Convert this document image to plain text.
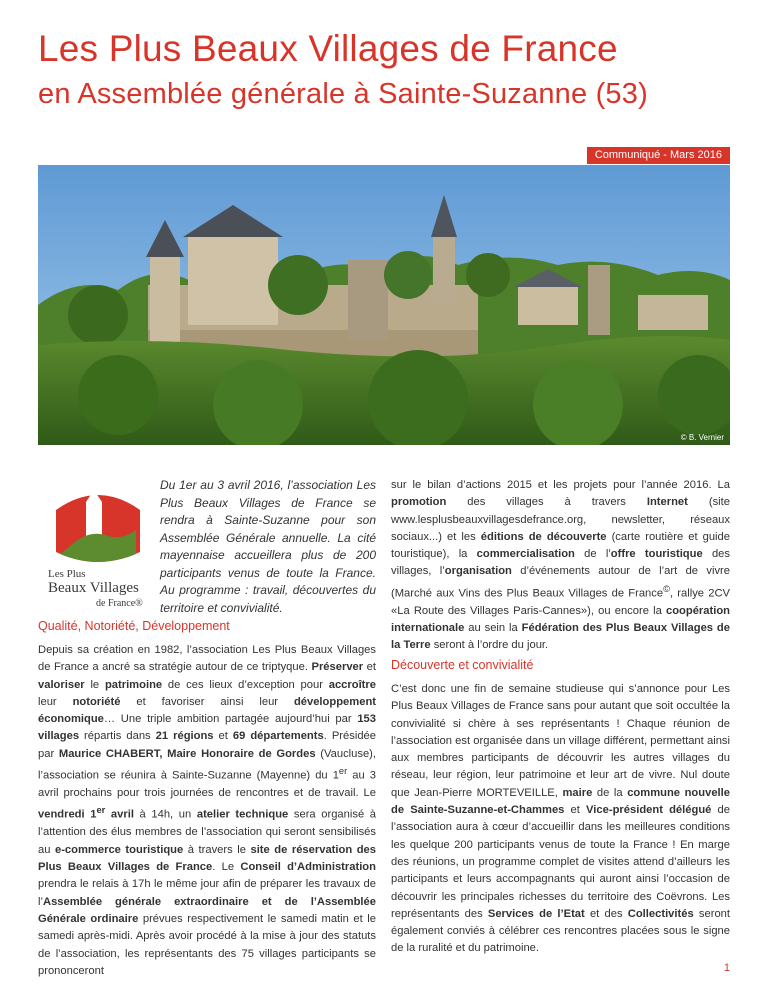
Les Plus Beaux Villages de France
en Assemblée générale à Sainte-Suzanne (53)
Communiqué - Mars 2016
© B. Vernier
Les Plus
Beaux Villages
de France®
Du 1er au 3 avril 2016, l’association Les Plus Beaux Villages de France se rendra à Sainte-Suzanne pour son Assemblée Générale annuelle. La cité mayennaise accueillera plus de 200 participants venus de toute la France. Au programme : travail, découvertes du territoire et convivialité.
Qualité, Notoriété, Développement
Depuis sa création en 1982, l’association Les Plus Beaux Villages de France a ancré sa stratégie autour de ce triptyque. Préserver et valoriser le patrimoine de ces lieux d’exception pour accroître leur notoriété et favoriser ainsi leur développement économique… Une triple ambition partagée aujourd’hui par 153 villages répartis dans 21 régions et 69 départements. Présidée par Maurice CHABERT, Maire Honoraire de Gordes (Vaucluse), l’association se réunira à Sainte-Suzanne (Mayenne) du 1er au 3 avril prochains pour trois journées de rencontres et de travail. Le vendredi 1er avril à 14h, un atelier technique sera organisé à l’attention des élus membres de l’association qui seront sensibilisés au e-commerce touristique à travers le site de réservation des Plus Beaux Villages de France. Le Conseil d’Administration prendra le relais à 17h le même jour afin de préparer les travaux de l’Assemblée générale extraordinaire et de l’Assemblée Générale ordinaire prévues respectivement le samedi matin et le samedi après-midi. Après avoir procédé à la mise à jour des statuts de l’association, les représentants des 75 villages participants se prononceront
sur le bilan d’actions 2015 et les projets pour l’année 2016. La promotion des villages à travers Internet (site www.lesplusbeauxvillagesdefrance.org, newsletter, réseaux sociaux...) et les éditions de découverte (carte routière et guide touristique), la commercialisation de l’offre touristique des villages, l’organisation d’événements autour de l’art de vivre (Marché aux Vins des Plus Beaux Villages de France©, rallye 2CV «La Route des Villages Paris-Cannes»), ou encore la coopération internationale au sein la Fédération des Plus Beaux Villages de la Terre seront à l’ordre du jour.
Découverte et convivialité
C’est donc une fin de semaine studieuse qui s’annonce pour Les Plus Beaux Villages de France sans pour autant que soit occultée la convivialité si chère à ses représentants ! Chaque réunion de l’association est organisée dans un village différent, permettant ainsi aux membres participants de découvrir les autres villages du réseau, leur région, leur patrimoine et leur art de vivre. Nul doute que Jean-Pierre MORTEVEILLE, maire de la commune nouvelle de Sainte-Suzanne-et-Chammes et Vice-président délégué de l’association aura à cœur d’accueillir dans les meilleures conditions les quelque 200 participants venus de toute la France ! En marge des réunions, un programme complet de visites attend d’ailleurs les participants et leurs accompagnants qui auront ainsi l’occasion de découvrir les principales richesses du territoire des Coëvrons. Les représentants des Services de l’Etat et des Collectivités seront également conviés à célébrer ces rencontres placées sous le signe de la ruralité et du patrimoine.
1
